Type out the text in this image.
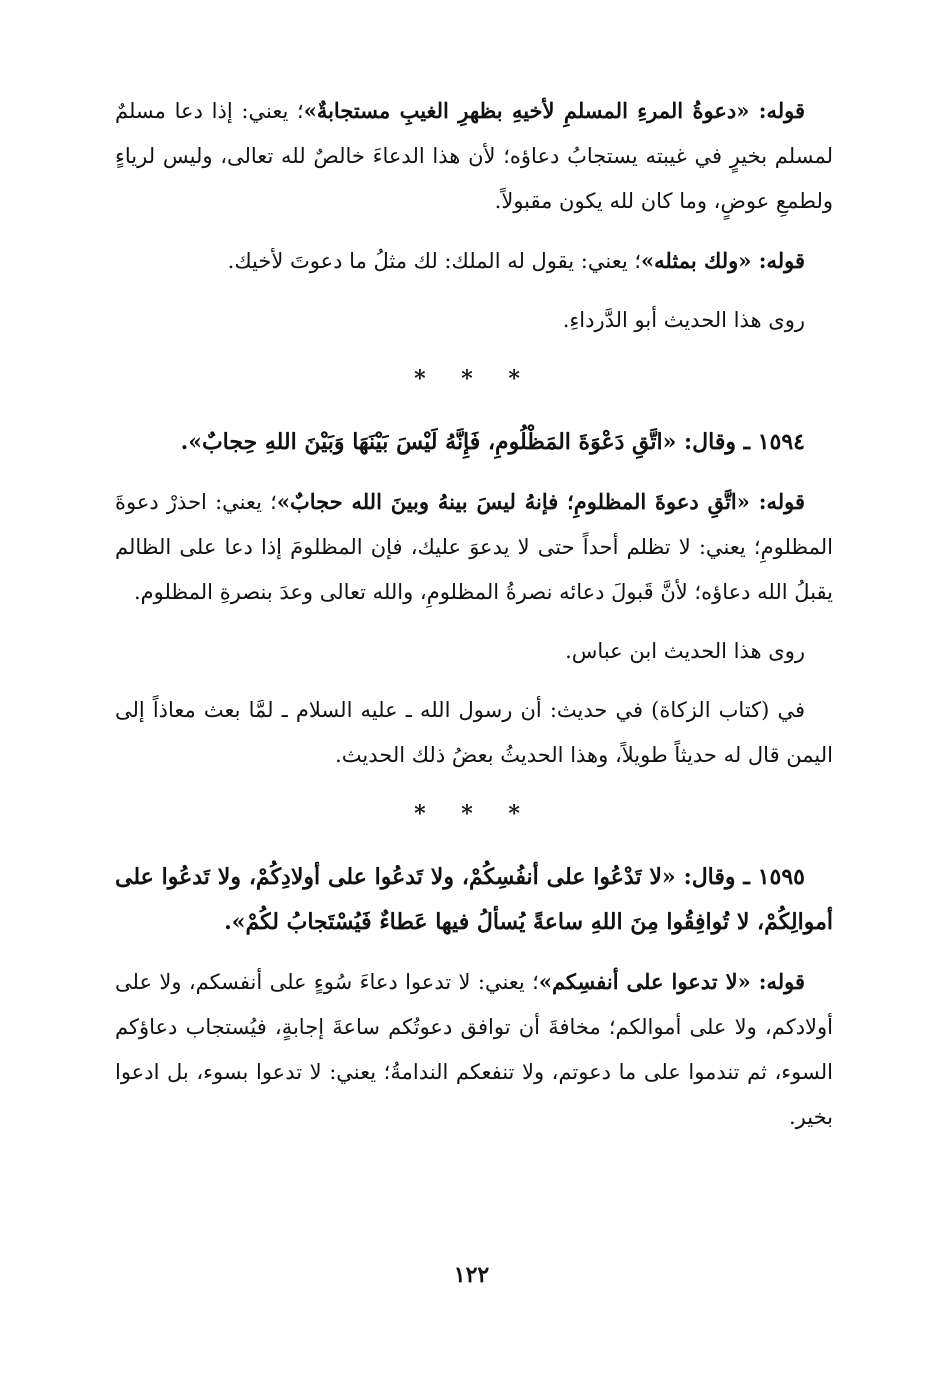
قوله: «دعوةُ المرءِ المسلمِ لأخيهِ بظهرِ الغيبِ مستجابةٌ»؛ يعني: إذا دعا مسلمٌ لمسلم بخيرٍ في غيبته يستجابُ دعاؤه؛ لأن هذا الدعاءَ خالصٌ لله تعالى، وليس لرياءٍ ولطمعِ عوضٍ، وما كان لله يكون مقبولاً.

قوله: «ولك بمثله»؛ يعني: يقول له الملك: لك مثلُ ما دعوتَ لأخيك.

روى هذا الحديث أبو الدَّرداءِ.

* * *

١٥٩٤ ـ وقال: «اتَّقِ دَعْوَةَ المَظْلُومِ، فَإِنَّهُ لَيْسَ بَيْنَهَا وَبَيْنَ اللهِ حِجابٌ».

قوله: «اتَّقِ دعوةَ المظلومِ؛ فإنهُ ليسَ بينهُ وبينَ الله حجابٌ»؛ يعني: احذرْ دعوةَ المظلومِ؛ يعني: لا تظلم أحداً حتى لا يدعوَ عليك، فإن المظلومَ إذا دعا على الظالم يقبلُ الله دعاؤه؛ لأنَّ قَبولَ دعائه نصرةُ المظلومِ، والله تعالى وعدَ بنصرةِ المظلوم.

روى هذا الحديث ابن عباس.

في (كتاب الزكاة) في حديث: أن رسول الله ـ عليه السلام ـ لمَّا بعث معاذاً إلى اليمن قال له حديثاً طويلاً، وهذا الحديثُ بعضُ ذلك الحديث.

* * *

١٥٩٥ ـ وقال: «لا تَدْعُوا على أنفُسِكُمْ، ولا تَدعُوا على أولادِكُمْ، ولا تَدعُوا على أموالِكُمْ، لا تُوافِقُوا مِنَ اللهِ ساعةً يُسألُ فيها عَطاءٌ فَيُسْتَجابُ لكُمْ».

قوله: «لا تدعوا على أنفسِكم»؛ يعني: لا تدعوا دعاءَ سُوءٍ على أنفسكم، ولا على أولادكم، ولا على أموالكم؛ مخافةَ أن توافق دعوتُكم ساعةَ إجابةٍ، فيُستجاب دعاؤكم السوء، ثم تندموا على ما دعوتم، ولا تنفعكم الندامةُ؛ يعني: لا تدعوا بسوء، بل ادعوا بخير.

١٢٢
